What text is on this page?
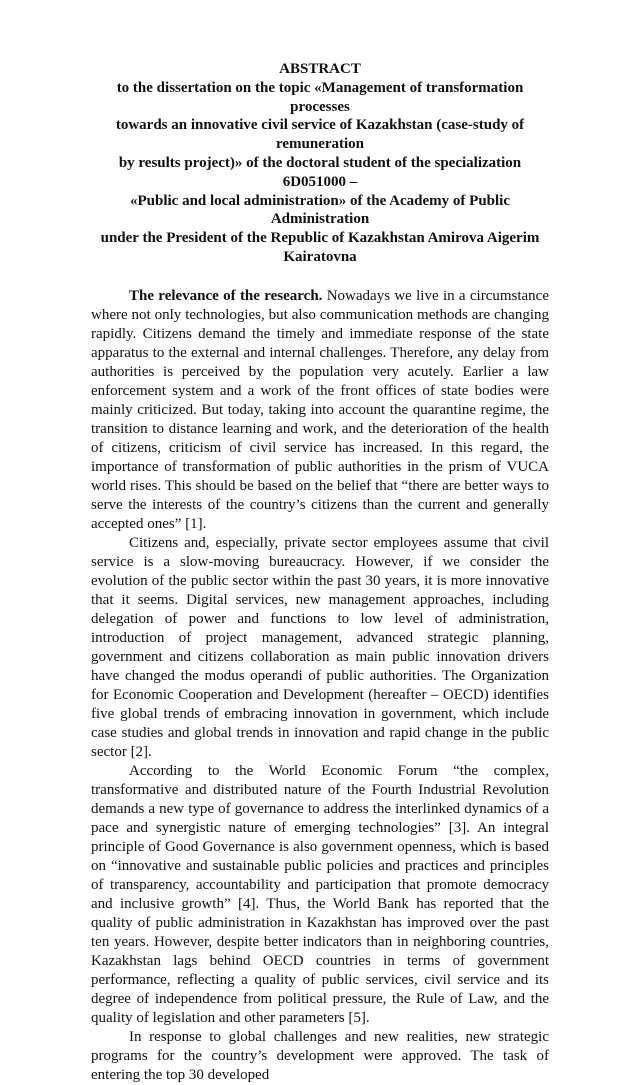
ABSTRACT
to the dissertation on the topic «Management of transformation processes
towards an innovative civil service of Kazakhstan (case-study of remuneration
by results project)» of the doctoral student of the specialization 6D051000 –
«Public and local administration» of the Academy of Public Administration
under the President of the Republic of Kazakhstan Amirova Aigerim
Kairatovna

The relevance of the research. Nowadays we live in a circumstance where not only technologies, but also communication methods are changing rapidly. Citizens demand the timely and immediate response of the state apparatus to the external and internal challenges. Therefore, any delay from authorities is perceived by the population very acutely. Earlier a law enforcement system and a work of the front offices of state bodies were mainly criticized. But today, taking into account the quarantine regime, the transition to distance learning and work, and the deterioration of the health of citizens, criticism of civil service has increased. In this regard, the importance of transformation of public authorities in the prism of VUCA world rises. This should be based on the belief that “there are better ways to serve the interests of the country’s citizens than the current and generally accepted ones” [1].

Citizens and, especially, private sector employees assume that civil service is a slow-moving bureaucracy. However, if we consider the evolution of the public sector within the past 30 years, it is more innovative that it seems. Digital services, new management approaches, including delegation of power and functions to low level of administration, introduction of project management, advanced strategic planning, government and citizens collaboration as main public innovation drivers have changed the modus operandi of public authorities. The Organization for Economic Cooperation and Development (hereafter – OECD) identifies five global trends of embracing innovation in government, which include case studies and global trends in innovation and rapid change in the public sector [2].

According to the World Economic Forum “the complex, transformative and distributed nature of the Fourth Industrial Revolution demands a new type of governance to address the interlinked dynamics of a pace and synergistic nature of emerging technologies” [3]. An integral principle of Good Governance is also government openness, which is based on “innovative and sustainable public policies and practices and principles of transparency, accountability and participation that promote democracy and inclusive growth” [4]. Thus, the World Bank has reported that the quality of public administration in Kazakhstan has improved over the past ten years. However, despite better indicators than in neighboring countries, Kazakhstan lags behind OECD countries in terms of government performance, reflecting a quality of public services, civil service and its degree of independence from political pressure, the Rule of Law, and the quality of legislation and other parameters [5].

In response to global challenges and new realities, new strategic programs for the country’s development were approved. The task of entering the top 30 developed
